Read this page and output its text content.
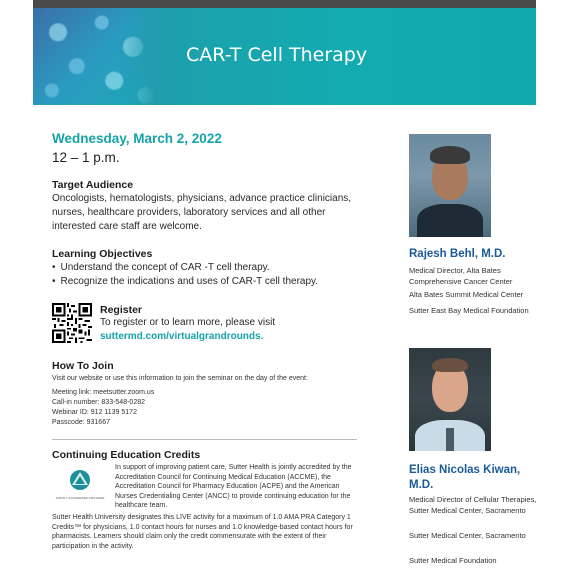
CAR-T Cell Therapy
Wednesday, March 2, 2022
12 – 1 p.m.
Target Audience
Oncologists, hematologists, physicians, advance practice clinicians, nurses, healthcare providers, laboratory services and all other interested care staff are welcome.
Learning Objectives
• Understand the concept of CAR -T cell therapy.
• Recognize the indications and uses of CAR-T cell therapy.
Register
To register or to learn more, please visit
suttermd.com/virtualgrandrounds.
How To Join
Visit our website or use this information to join the seminar on the day of the event:
Meeting link: meetsutter.zoom.us
Call-in number: 833-548-0282
Webinar ID: 912 1139 5172
Passcode: 931667
Continuing Education Credits
JOINTLY ACCREDITED PROVIDER
In support of improving patient care, Sutter Health is jointly accredited by the Accreditation Council for Continuing Medical Education (ACCME), the Accreditation Council for Pharmacy Education (ACPE) and the American Nurses Credentialing Center (ANCC) to provide continuing education for the healthcare team.
Sutter Health University designates this LIVE activity for a maximum of 1.0 AMA PRA Category 1 Credits™ for physicians, 1.0 contact hours for nurses and 1.0 knowledge-based contact hours for pharmacists. Learners should claim only the credit commensurate with the extent of their participation in the activity.
Rajesh Behl, M.D.
Medical Director, Alta Bates Comprehensive Cancer Center
Alta Bates Summit Medical Center
Sutter East Bay Medical Foundation
Elias Nicolas Kiwan, M.D.
Medical Director of Cellular Therapies, Sutter Medical Center, Sacramento
Sutter Medical Center, Sacramento
Sutter Medical Foundation
